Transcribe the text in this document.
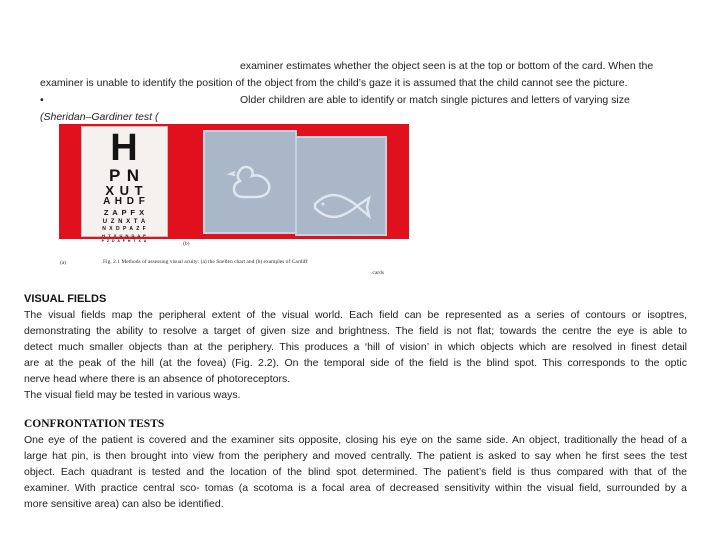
examiner estimates whether the object seen is at the top or bottom of the card. When the
examiner is unable to identify the position of the object from the child’s gaze it is assumed that the child cannot see the picture.
•	Older children are able to identify or match single pictures and letters of varying size
(Sheridan–Gardiner test (
H
P N
X U T
A H D F
Z A P F X
U Z N X T A
N X D P A Z F
H T X U N D A P
P Z D A F H T X U
(b)
(a)	Fig. 2.1 Methods of assessing visual acuity: (a) the Snellen chart and (b) examples of Cardiff
.cards
VISUAL FIELDS
The visual fields map the peripheral extent of the visual world. Each field can be represented as a series of contours or isoptres,
demonstrating the ability to resolve a target of given size and brightness. The field is not flat; towards the centre the eye is able to
detect much smaller objects than at the periphery. This produces a ‘hill of vision’ in which objects which are resolved in finest detail
are at the peak of the hill (at the fovea) (Fig. 2.2). On the temporal side of the field is the blind spot. This corresponds to the optic
nerve head where there is an absence of photoreceptors.
The visual field may be tested in various ways.
CONFRONTATION TESTS
One eye of the patient is covered and the examiner sits opposite, closing his eye on the same side. An object, traditionally the head of a
large hat pin, is then brought into view from the periphery and moved centrally. The patient is asked to say when he first sees the test
object. Each quadrant is tested and the location of the blind spot determined. The patient’s field is thus compared with that of the
examiner. With practice central sco- tomas (a scotoma is a focal area of decreased sensitivity within the visual field, surrounded by a
more sensitive area) can also be identified.
